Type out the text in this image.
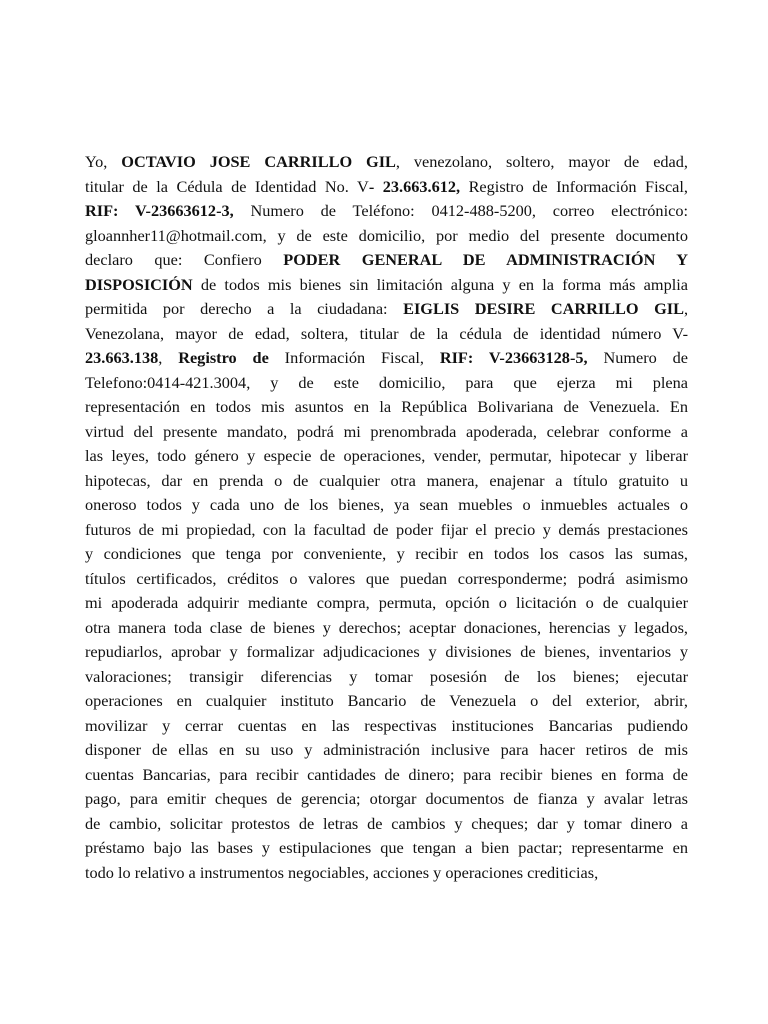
Yo, OCTAVIO JOSE CARRILLO GIL, venezolano, soltero, mayor de edad,
titular de la Cédula de Identidad No. V- 23.663.612, Registro de Información Fiscal,
RIF: V-23663612-3, Numero de Teléfono: 0412-488-5200, correo electrónico:
gloannher11@hotmail.com, y de este domicilio, por medio del presente documento
declaro que: Confiero PODER GENERAL DE ADMINISTRACIÓN Y
DISPOSICIÓN de todos mis bienes sin limitación alguna y en la forma más amplia
permitida por derecho a la ciudadana: EIGLIS DESIRE CARRILLO GIL,
Venezolana, mayor de edad, soltera, titular de la cédula de identidad número V-
23.663.138, Registro de Información Fiscal, RIF: V-23663128-5, Numero de
Telefono:0414-421.3004, y de este domicilio, para que ejerza mi plena
representación en todos mis asuntos en la República Bolivariana de Venezuela. En
virtud del presente mandato, podrá mi prenombrada apoderada, celebrar conforme a
las leyes, todo género y especie de operaciones, vender, permutar, hipotecar y liberar
hipotecas, dar en prenda o de cualquier otra manera, enajenar a título gratuito u
oneroso todos y cada uno de los bienes, ya sean muebles o inmuebles actuales o
futuros de mi propiedad, con la facultad de poder fijar el precio y demás prestaciones
y condiciones que tenga por conveniente, y recibir en todos los casos las sumas,
títulos certificados, créditos o valores que puedan corresponderme; podrá asimismo
mi apoderada adquirir mediante compra, permuta, opción o licitación o de cualquier
otra manera toda clase de bienes y derechos; aceptar donaciones, herencias y legados,
repudiarlos, aprobar y formalizar adjudicaciones y divisiones de bienes, inventarios y
valoraciones; transigir diferencias y tomar posesión de los bienes; ejecutar
operaciones en cualquier instituto Bancario de Venezuela o del exterior, abrir,
movilizar y cerrar cuentas en las respectivas instituciones Bancarias pudiendo
disponer de ellas en su uso y administración inclusive para hacer retiros de mis
cuentas Bancarias, para recibir cantidades de dinero; para recibir bienes en forma de
pago, para emitir cheques de gerencia; otorgar documentos de fianza y avalar letras
de cambio, solicitar protestos de letras de cambios y cheques; dar y tomar dinero a
préstamo bajo las bases y estipulaciones que tengan a bien pactar; representarme en
todo lo relativo a instrumentos negociables, acciones y operaciones crediticias,
